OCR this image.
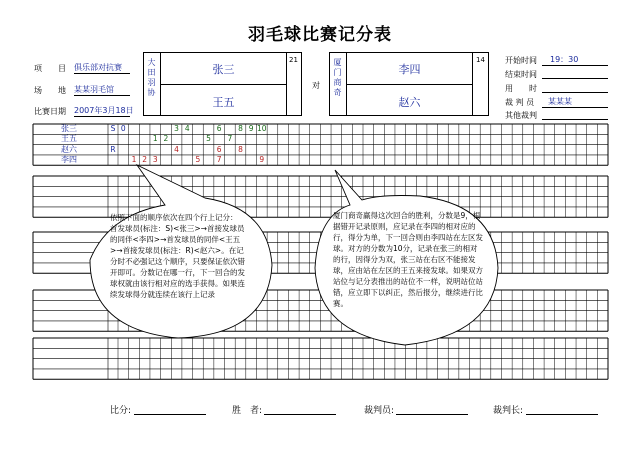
羽毛球比赛记分表
项　　目 俱乐部对抗赛
场　　地 某某羽毛馆
比赛日期 2007年3月18日
大田羽协	张三
王五
21
对 厦门商奇	李四
赵六
14	开始时间	19：30
结束时间
用　　时
裁 判 员	某某某
其他裁判
张三	S 0	3 4	6	8 9 10
王五	1 2	5	7
赵六	R	4	6	8
李四	1 2 3	5	7	9
依照下面的顺序依次在四个行上记分：　　首发球员(标注：S)<张三>→首接发球员的同伴<李四>→首发球员的同伴<王五>→首接发球员(标注：R)<赵六>。在记分时不必强记这个顺序，只要保证依次错开即可。分数记在哪一行，下一回合的发球权就由该行相对应的选手获得。如果连续发球得分就连续在该行上记录
厦门商奇赢得这次回合的胜利，分数是9，根据错开记录原则，应记录在李四的相对应的行，得分为单，下一回合则由李四站在左区发球。对方的分数为10分，记录在张三的相对的行，因得分为双，张三站在右区不能接发球，应由站在左区的王五来接发球。如果双方站位与记分表推出的站位不一样，说明站位站错，应立即下以纠正，然后报分，继续进行比赛。
比分:	胜　者:	裁判员:	裁判长:
